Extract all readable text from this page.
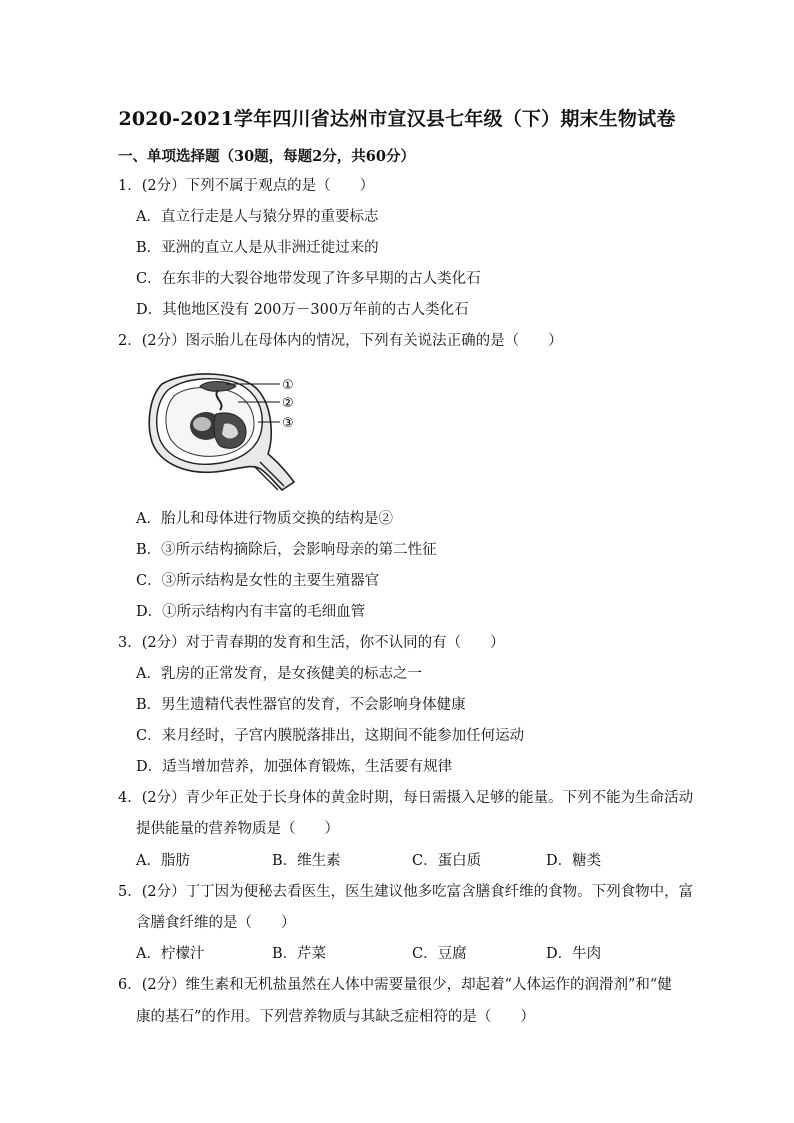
2020-2021学年四川省达州市宣汉县七年级（下）期末生物试卷
一、单项选择题（30题，每题2分，共60分）
1．(2分）下列不属于观点的是（　　）
A．直立行走是人与猿分界的重要标志
B．亚洲的直立人是从非洲迁徙过来的
C．在东非的大裂谷地带发现了许多早期的古人类化石
D．其他地区没有 200万－300万年前的古人类化石
2．(2分）图示胎儿在母体内的情况，下列有关说法正确的是（　　）
①
②
③
A．胎儿和母体进行物质交换的结构是②
B．③所示结构摘除后，会影响母亲的第二性征
C．③所示结构是女性的主要生殖器官
D．①所示结构内有丰富的毛细血管
3．(2分）对于青春期的发育和生活，你不认同的有（　　）
A．乳房的正常发育，是女孩健美的标志之一
B．男生遗精代表性器官的发育，不会影响身体健康
C．来月经时，子宫内膜脱落排出，这期间不能参加任何运动
D．适当增加营养，加强体育锻炼，生活要有规律
4．(2分）青少年正处于长身体的黄金时期，每日需摄入足够的能量。下列不能为生命活动
提供能量的营养物质是（　　）
A．脂肪	B．维生素	C．蛋白质	D．糖类
5．(2分）丁丁因为便秘去看医生，医生建议他多吃富含膳食纤维的食物。下列食物中，富
含膳食纤维的是（　　）
A．柠檬汁	B．芹菜	C．豆腐	D．牛肉
6．(2分）维生素和无机盐虽然在人体中需要量很少，却起着“人体运作的润滑剂”和“健
康的基石”的作用。下列营养物质与其缺乏症相符的是（　　）
